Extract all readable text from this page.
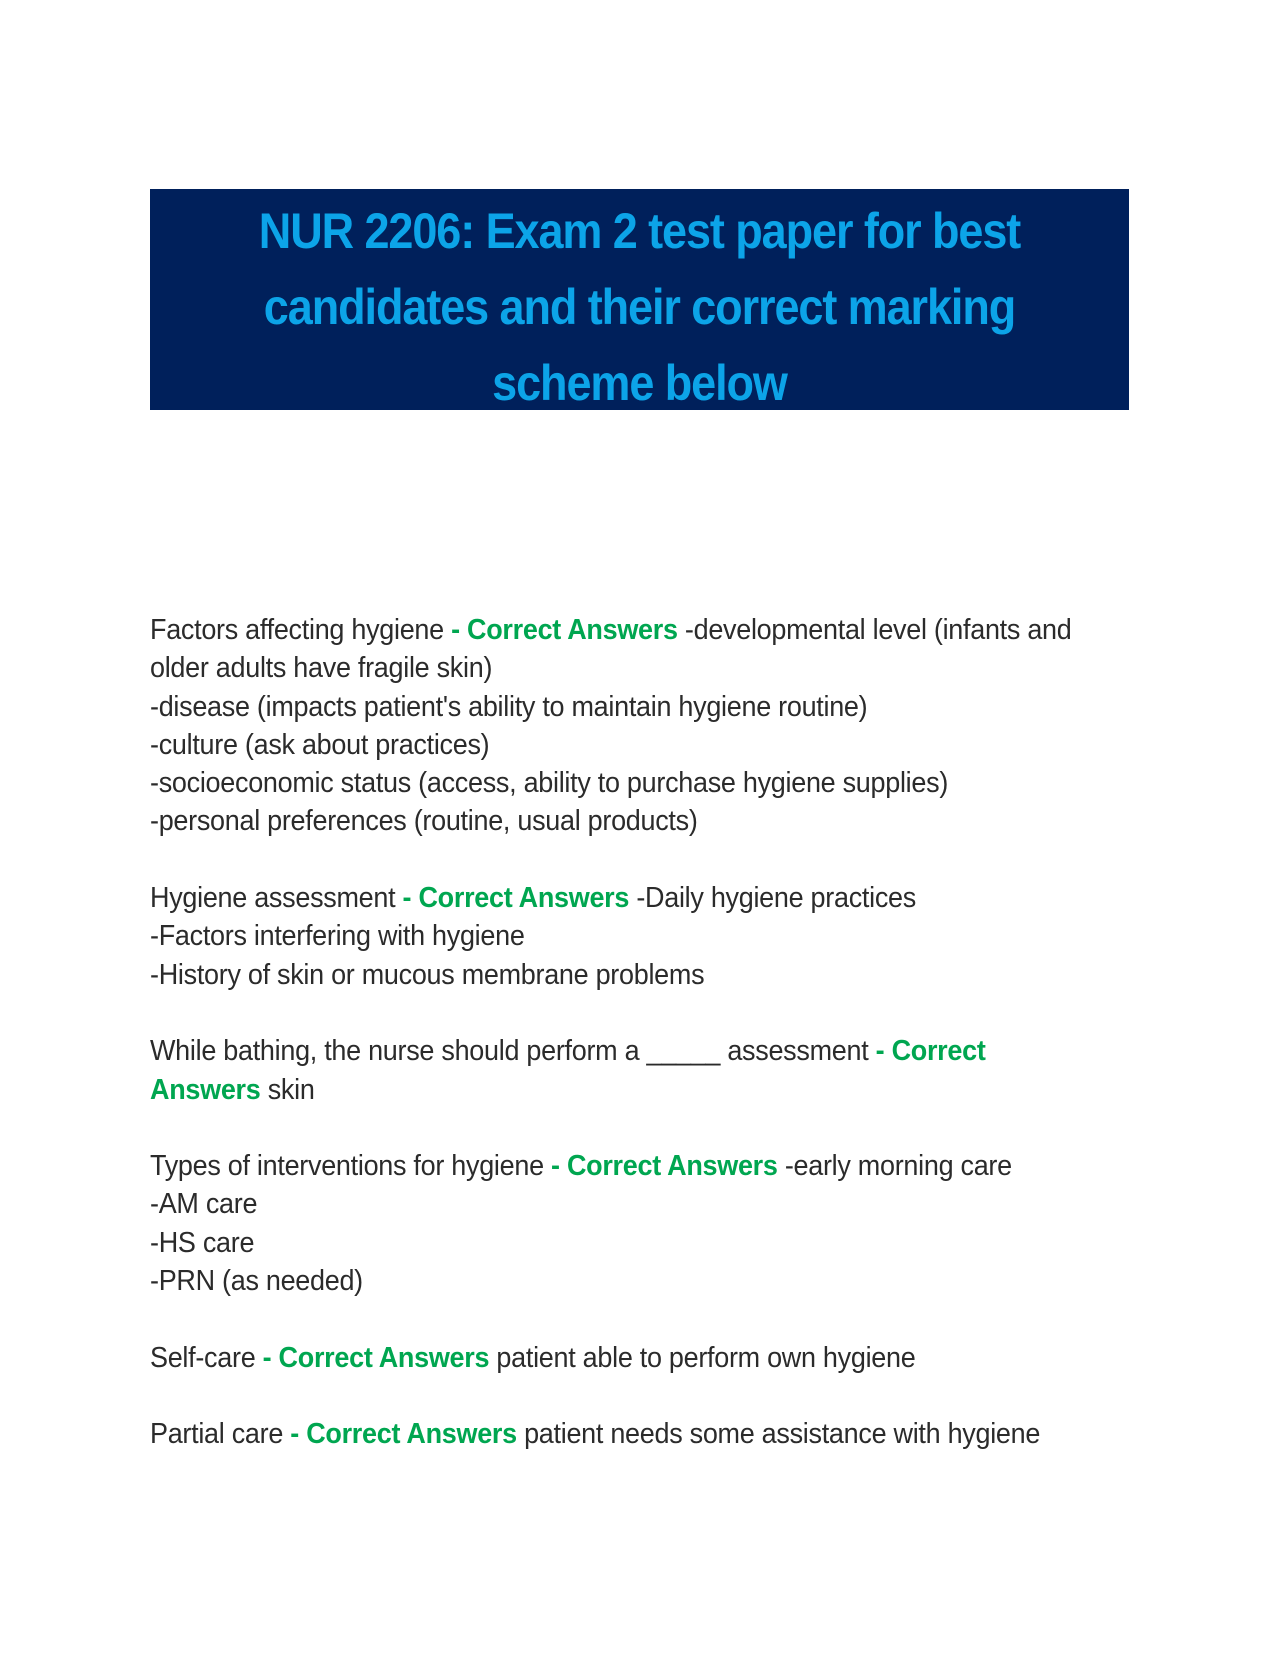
NUR 2206: Exam 2 test paper for best candidates and their correct marking scheme below
Factors affecting hygiene - Correct Answers -developmental level (infants and
older adults have fragile skin)
-disease (impacts patient's ability to maintain hygiene routine)
-culture (ask about practices)
-socioeconomic status (access, ability to purchase hygiene supplies)
-personal preferences (routine, usual products)
Hygiene assessment - Correct Answers -Daily hygiene practices
-Factors interfering with hygiene
-History of skin or mucous membrane problems
While bathing, the nurse should perform a _____ assessment - Correct
Answers skin
Types of interventions for hygiene - Correct Answers -early morning care
-AM care
-HS care
-PRN (as needed)
Self-care - Correct Answers patient able to perform own hygiene
Partial care - Correct Answers patient needs some assistance with hygiene
